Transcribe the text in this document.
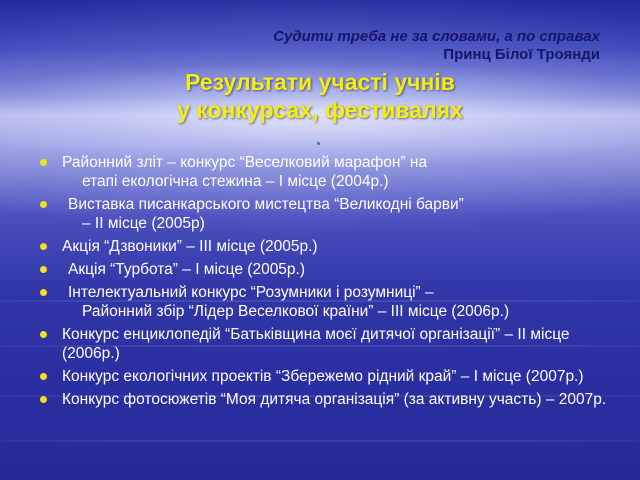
Судити треба не за словами, а по справах

Принц Білої Троянди

Результати участі учнів
у конкурсах, фестивалях
Районний зліт – конкурс “Веселковий марафон” на
етапі екологічна стежина – І місце (2004р.)
Виставка писанкарського мистецтва “Великодні барви”
– ІІ місце (2005р)
Акція “Дзвоники” – ІІІ місце (2005р.)
Акція “Турбота” – І місце (2005р.)
Інтелектуальний конкурс “Розумники і розумниці” –
Районний збір “Лідер Веселкової країни” – ІІІ місце (2006р.)
Конкурс енциклопедій “Батьківщина моєї дитячої організації” – ІІ місце (2006р.)
Конкурс екологічних проектів “Збережемо рідний край” – І місце (2007р.)
Конкурс фотосюжетів “Моя дитяча організація” (за активну участь) – 2007р.
